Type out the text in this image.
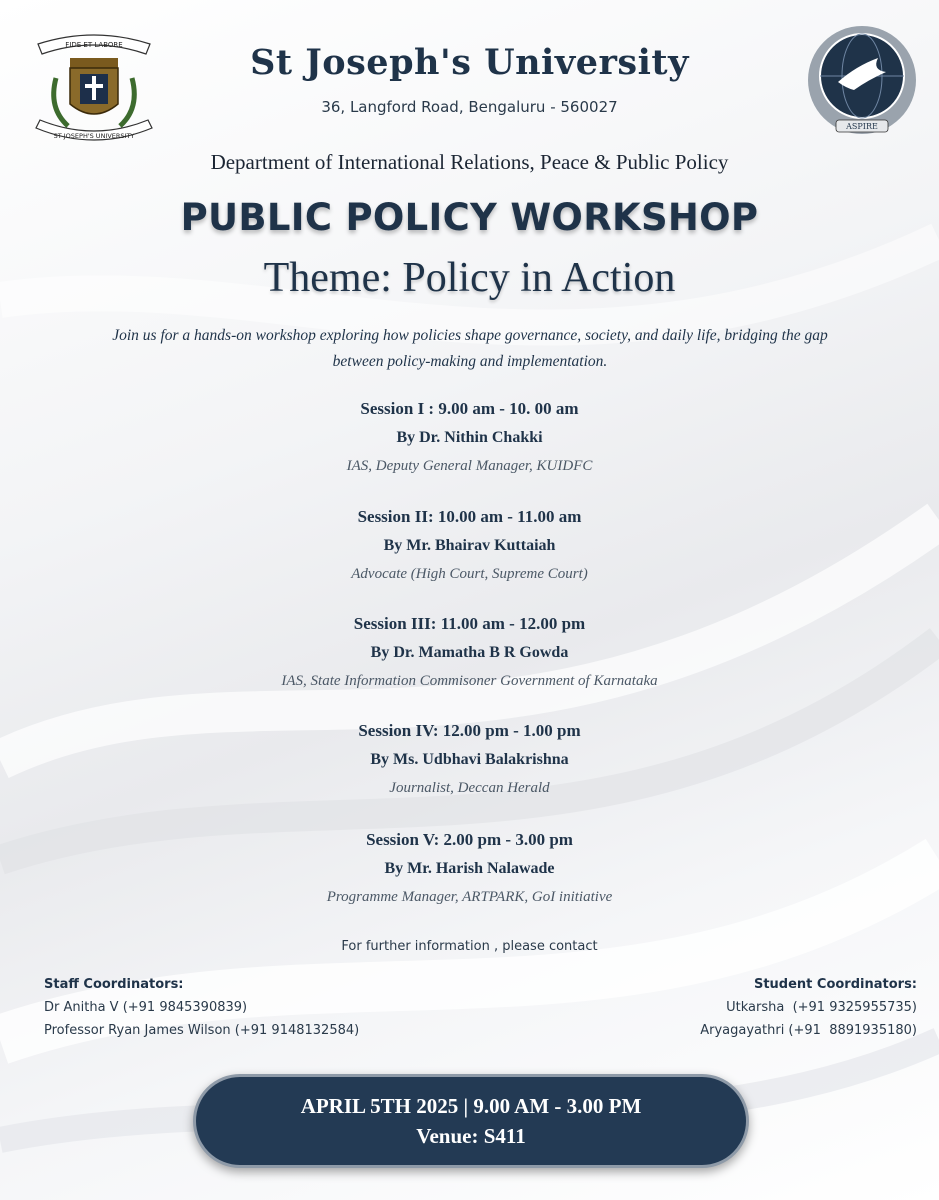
FIDE ET LABORE
ST JOSEPH'S UNIVERSITY
ASPIRE
St Joseph's University
36, Langford Road, Bengaluru - 560027
Department of International Relations, Peace & Public Policy
PUBLIC POLICY WORKSHOP
Theme: Policy in Action
Join us for a hands-on workshop exploring how policies shape governance, society, and daily life, bridging the gap between policy-making and implementation.
Session I : 9.00 am - 10. 00 am
By Dr. Nithin Chakki
IAS, Deputy General Manager, KUIDFC
Session II: 10.00 am - 11.00 am
By Mr. Bhairav Kuttaiah
Advocate (High Court, Supreme Court)
Session III: 11.00 am - 12.00 pm
By Dr. Mamatha B R Gowda
IAS, State Information Commisoner Government of Karnataka
Session IV: 12.00 pm - 1.00 pm
By Ms. Udbhavi Balakrishna
Journalist, Deccan Herald
Session V: 2.00 pm - 3.00 pm
By Mr. Harish Nalawade
Programme Manager, ARTPARK, GoI initiative
For further information , please contact
Staff Coordinators:
Dr Anitha V (+91 9845390839)
Professor Ryan James Wilson (+91 9148132584)
Student Coordinators:
Utkarsha  (+91 9325955735)
Aryagayathri (+91  8891935180)
APRIL 5TH 2025 | 9.00 AM - 3.00 PM
Venue: S411
